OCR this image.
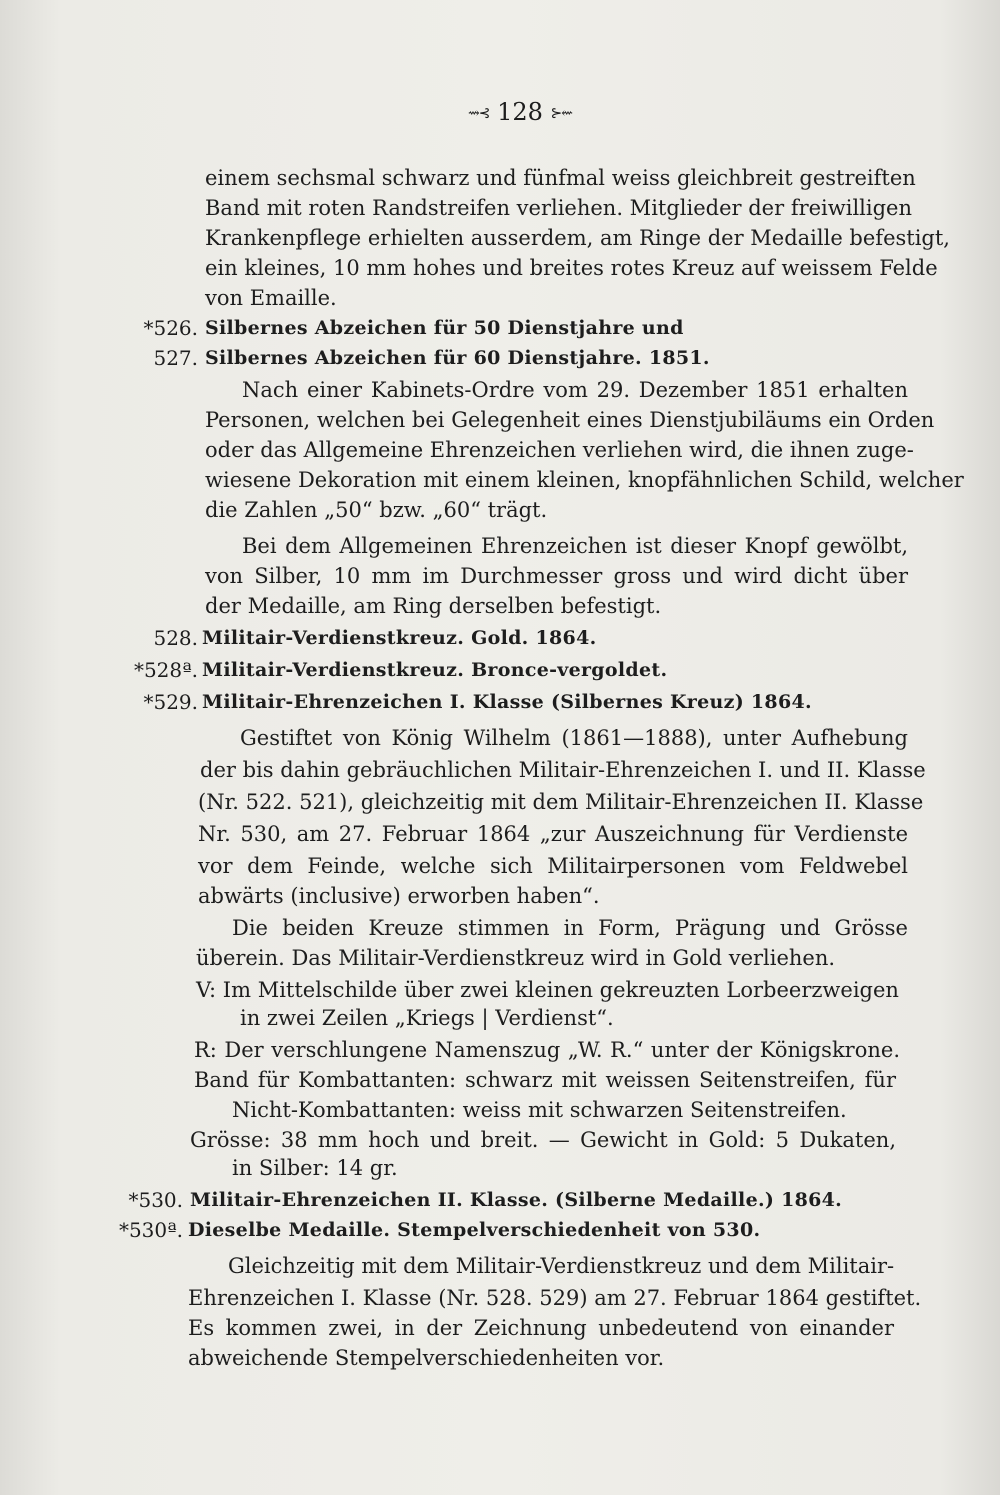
⇝⊰ 128 ⊱⇜
einem sechsmal schwarz und fünfmal weiss gleichbreit gestreiften
Band mit roten Randstreifen verliehen. Mitglieder der freiwilligen
Krankenpflege erhielten ausserdem, am Ringe der Medaille befestigt,
ein kleines, 10 mm hohes und breites rotes Kreuz auf weissem Felde
von Emaille.
*526. Silbernes Abzeichen für 50 Dienstjahre und
527. Silbernes Abzeichen für 60 Dienstjahre. 1851.
Nach einer Kabinets-Ordre vom 29. Dezember 1851 erhalten
Personen, welchen bei Gelegenheit eines Dienstjubiläums ein Orden
oder das Allgemeine Ehrenzeichen verliehen wird, die ihnen zuge-
wiesene Dekoration mit einem kleinen, knopfähnlichen Schild, welcher
die Zahlen „50“ bzw. „60“ trägt.
Bei dem Allgemeinen Ehrenzeichen ist dieser Knopf gewölbt,
von Silber, 10 mm im Durchmesser gross und wird dicht über
der Medaille, am Ring derselben befestigt.
528. Militair-Verdienstkreuz. Gold. 1864.
*528ª. Militair-Verdienstkreuz. Bronce-vergoldet.
*529. Militair-Ehrenzeichen I. Klasse (Silbernes Kreuz) 1864.
Gestiftet von König Wilhelm (1861—1888), unter Aufhebung
der bis dahin gebräuchlichen Militair-Ehrenzeichen I. und II. Klasse
(Nr. 522. 521), gleichzeitig mit dem Militair-Ehrenzeichen II. Klasse
Nr. 530, am 27. Februar 1864 „zur Auszeichnung für Verdienste
vor dem Feinde, welche sich Militairpersonen vom Feldwebel
abwärts (inclusive) erworben haben“.
Die beiden Kreuze stimmen in Form, Prägung und Grösse
überein. Das Militair-Verdienstkreuz wird in Gold verliehen.
V: Im Mittelschilde über zwei kleinen gekreuzten Lorbeerzweigen
in zwei Zeilen „Kriegs | Verdienst“.
R: Der verschlungene Namenszug „W. R.“ unter der Königskrone.
Band für Kombattanten: schwarz mit weissen Seitenstreifen, für
Nicht-Kombattanten: weiss mit schwarzen Seitenstreifen.
Grösse: 38 mm hoch und breit. — Gewicht in Gold: 5 Dukaten,
in Silber: 14 gr.
*530. Militair-Ehrenzeichen II. Klasse. (Silberne Medaille.) 1864.
*530ª. Dieselbe Medaille. Stempelverschiedenheit von 530.
Gleichzeitig mit dem Militair-Verdienstkreuz und dem Militair-
Ehrenzeichen I. Klasse (Nr. 528. 529) am 27. Februar 1864 gestiftet.
Es kommen zwei, in der Zeichnung unbedeutend von einander
abweichende Stempelverschiedenheiten vor.
